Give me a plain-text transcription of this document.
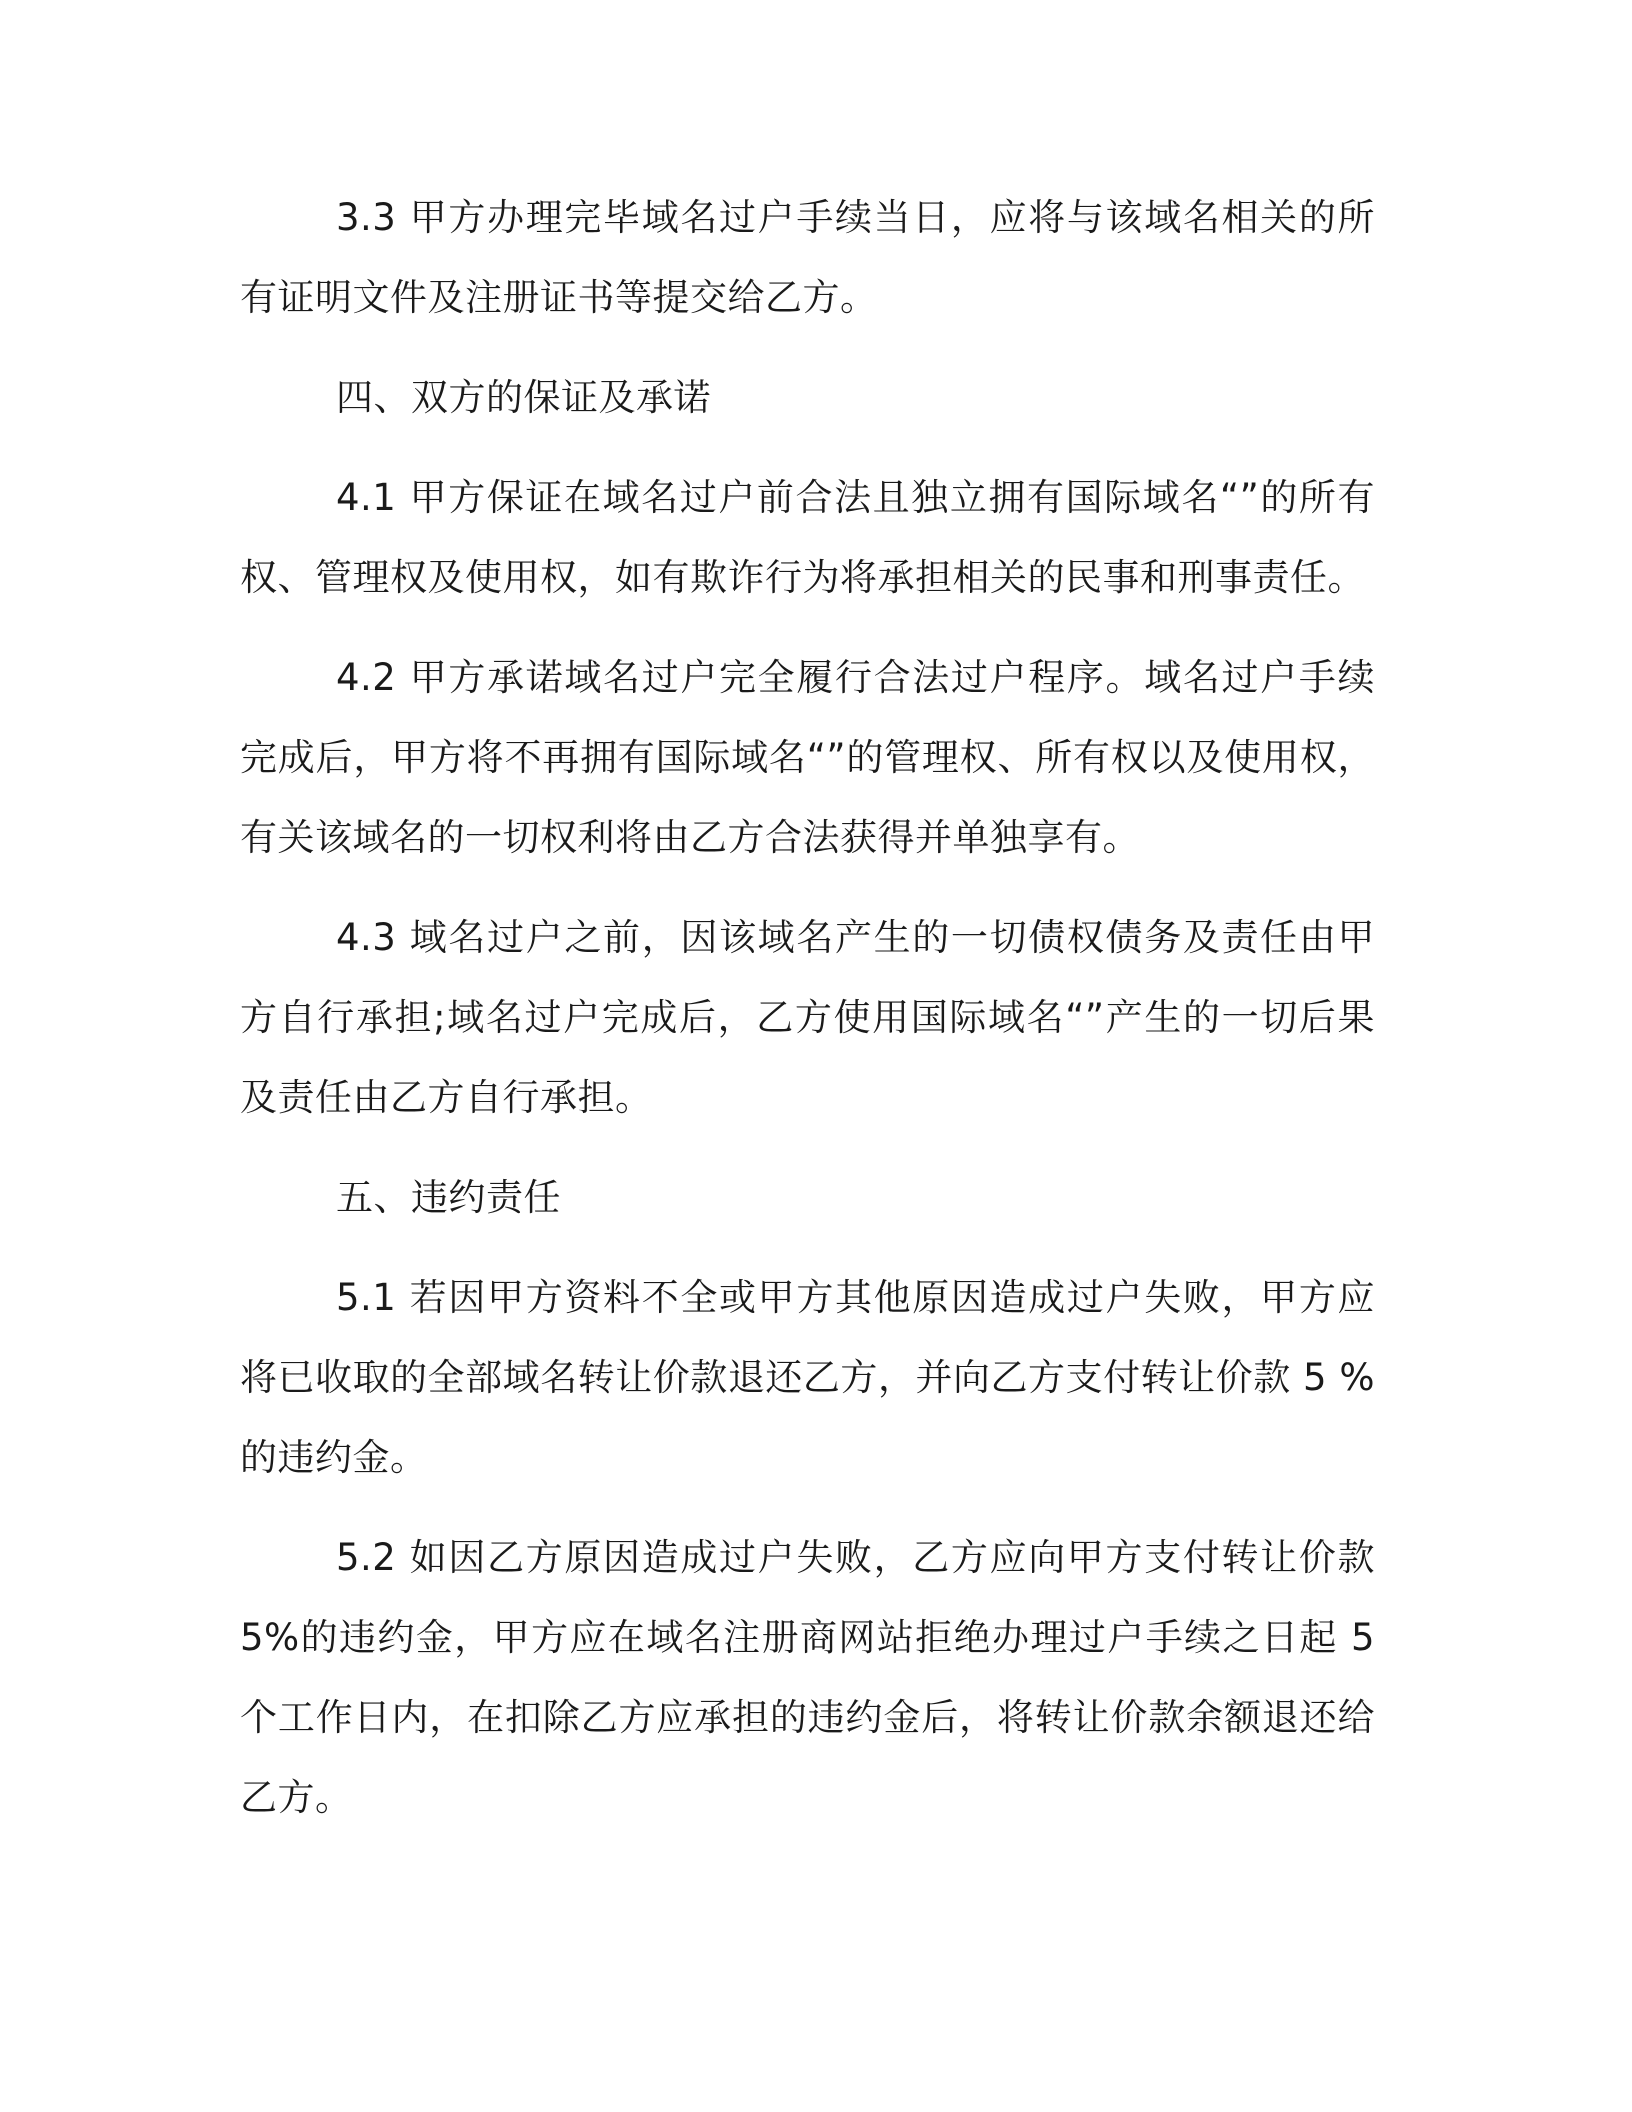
3.3 甲方办理完毕域名过户手续当日，应将与该域名相关的所有证明文件及注册证书等提交给乙方。

四、双方的保证及承诺

4.1 甲方保证在域名过户前合法且独立拥有国际域名“”的所有权、管理权及使用权，如有欺诈行为将承担相关的民事和刑事责任。

4.2 甲方承诺域名过户完全履行合法过户程序。域名过户手续完成后，甲方将不再拥有国际域名“”的管理权、所有权以及使用权，有关该域名的一切权利将由乙方合法获得并单独享有。

4.3 域名过户之前，因该域名产生的一切债权债务及责任由甲方自行承担;域名过户完成后，乙方使用国际域名“”产生的一切后果及责任由乙方自行承担。

五、违约责任

5.1 若因甲方资料不全或甲方其他原因造成过户失败，甲方应将已收取的全部域名转让价款退还乙方，并向乙方支付转让价款 5 %的违约金。

5.2 如因乙方原因造成过户失败，乙方应向甲方支付转让价款5%的违约金，甲方应在域名注册商网站拒绝办理过户手续之日起 5 个工作日内，在扣除乙方应承担的违约金后，将转让价款余额退还给乙方。
